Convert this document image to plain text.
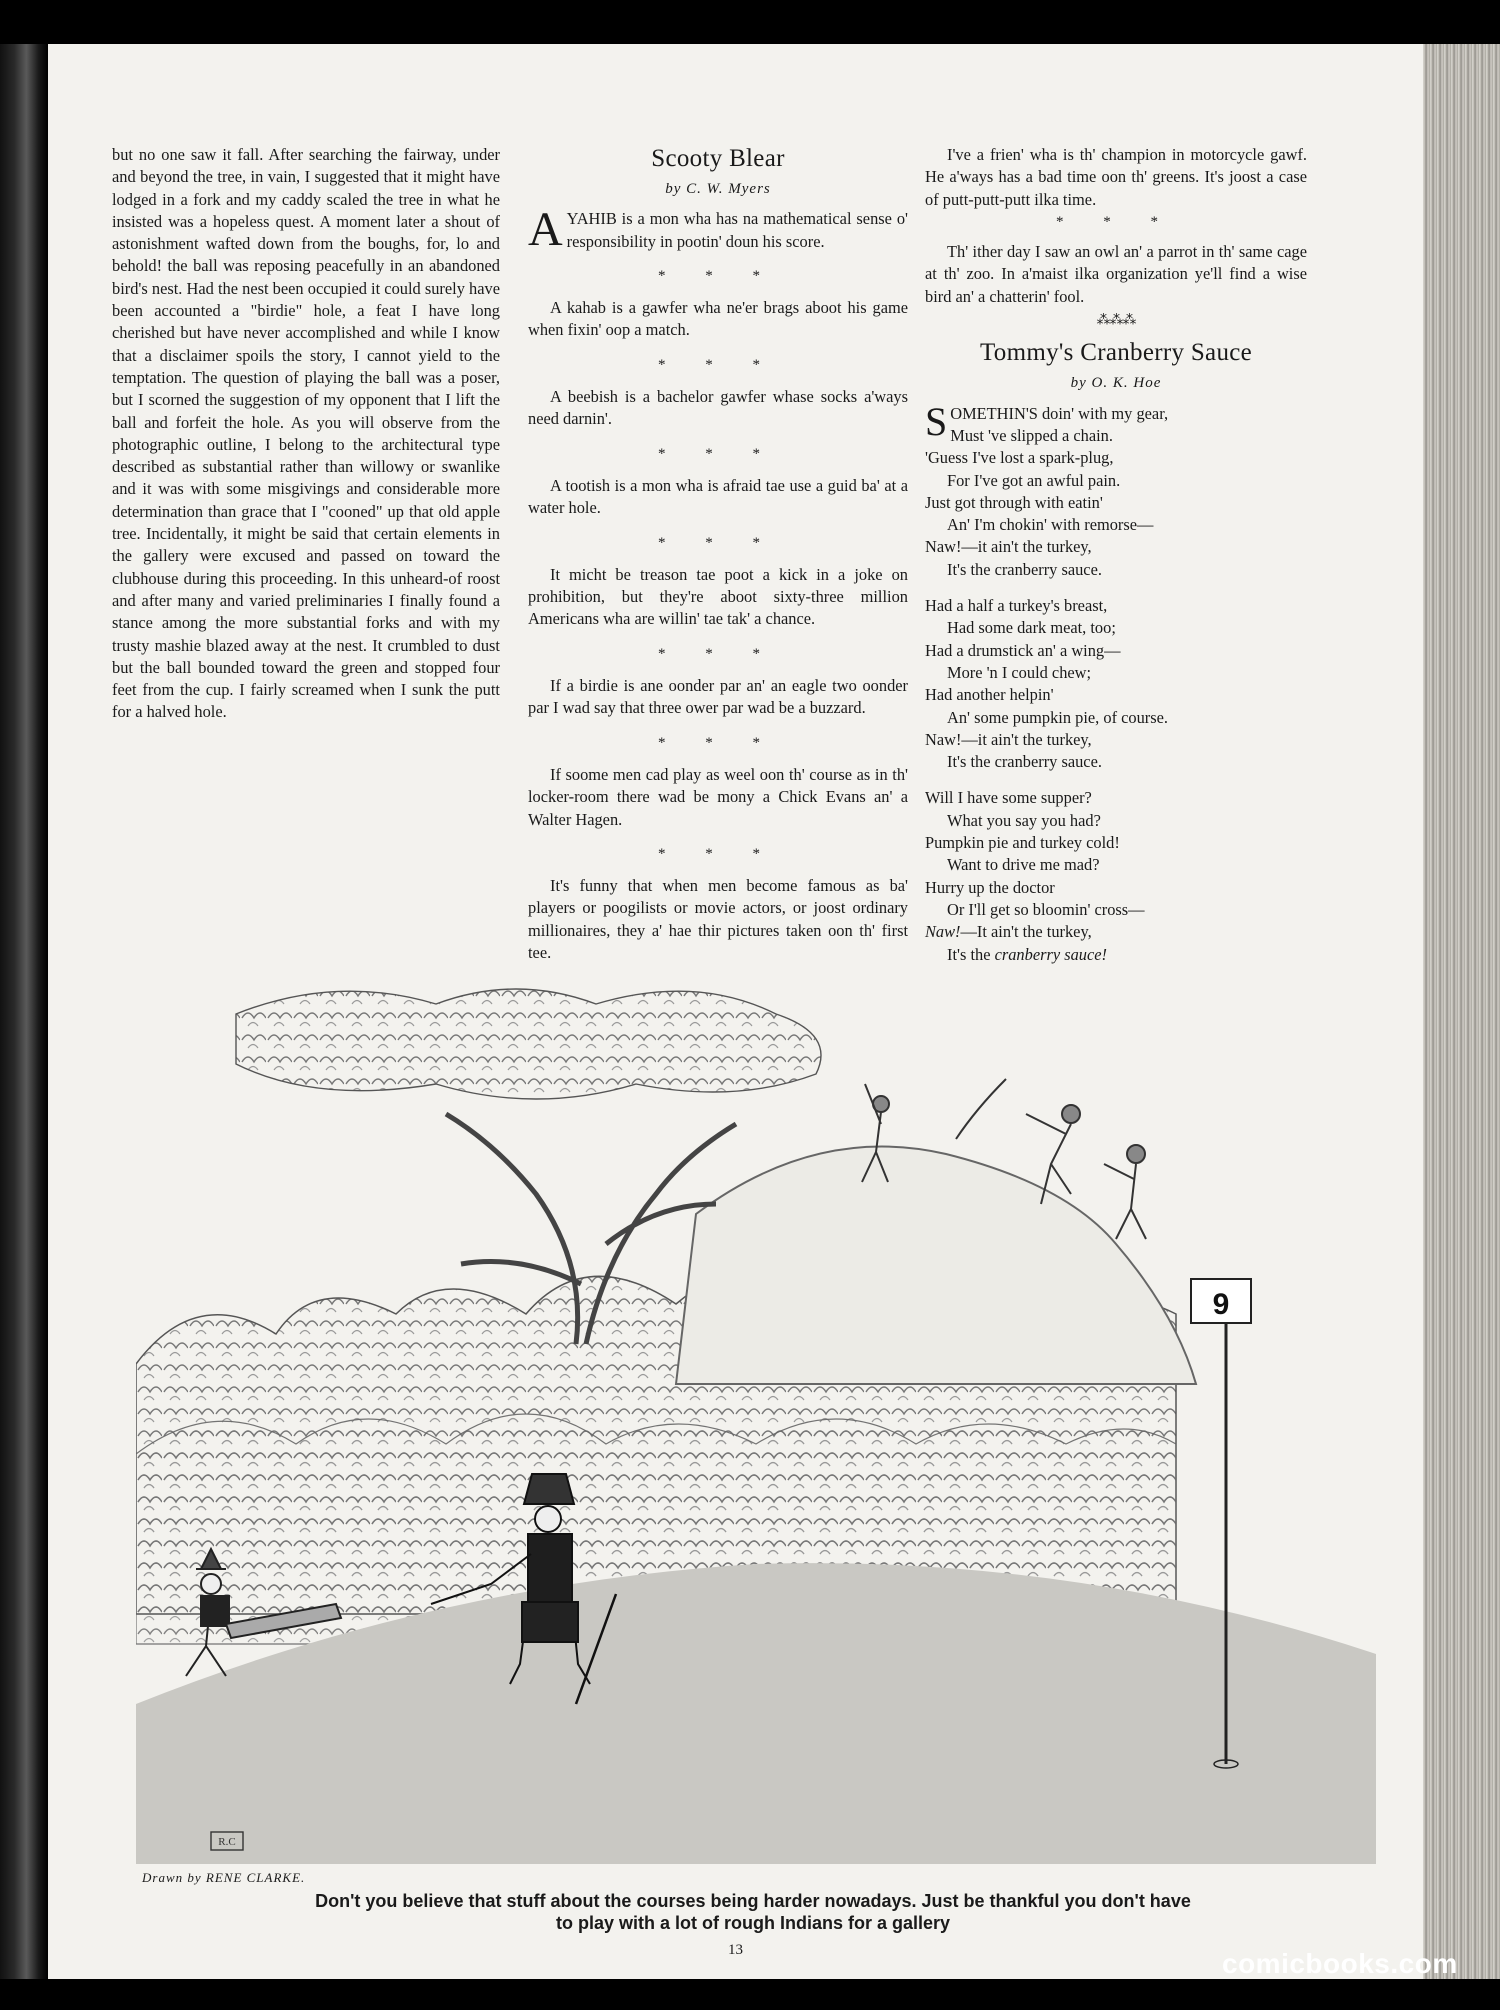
but no one saw it fall. After searching the fairway, under and beyond the tree, in vain, I suggested that it might have lodged in a fork and my caddy scaled the tree in what he insisted was a hopeless quest. A moment later a shout of astonishment wafted down from the boughs, for, lo and behold! the ball was reposing peacefully in an abandoned bird's nest. Had the nest been occupied it could surely have been accounted a "birdie" hole, a feat I have long cherished but have never accomplished and while I know that a disclaimer spoils the story, I cannot yield to the temptation. The question of playing the ball was a poser, but I scorned the suggestion of my opponent that I lift the ball and forfeit the hole. As you will observe from the photographic outline, I belong to the architectural type described as substantial rather than willowy or swanlike and it was with some misgivings and considerable more determination than grace that I "cooned" up that old apple tree. Incidentally, it might be said that certain elements in the gallery were excused and passed on toward the clubhouse during this proceeding. In this unheard-of roost and after many and varied preliminaries I finally found a stance among the more substantial forks and with my trusty mashie blazed away at the nest. It crumbled to dust but the ball bounded toward the green and stopped four feet from the cup. I fairly screamed when I sunk the putt for a halved hole.

Scooty Blear
by C. W. Myers

AYAHIB is a mon wha has na mathematical sense o' responsibility in pootin' doun his score.

* * *

A kahab is a gawfer wha ne'er brags aboot his game when fixin' oop a match.

* * *

A beebish is a bachelor gawfer whase socks a'ways need darnin'.

* * *

A tootish is a mon wha is afraid tae use a guid ba' at a water hole.

* * *

It micht be treason tae poot a kick in a joke on prohibition, but they're aboot sixty-three million Americans wha are willin' tae tak' a chance.

* * *

If a birdie is ane oonder par an' an eagle two oonder par I wad say that three ower par wad be a buzzard.

* * *

If soome men cad play as weel oon th' course as in th' locker-room there wad be mony a Chick Evans an' a Walter Hagen.

* * *

It's funny that when men become famous as ba' players or poogilists or movie actors, or joost ordinary millionaires, they a' hae thir pictures taken oon th' first tee.

I've a frien' wha is th' champion in motorcycle gawf. He a'ways has a bad time oon th' greens. It's joost a case of putt-putt-putt ilka time.

* * *

Th' ither day I saw an owl an' a parrot in th' same cage at th' zoo. In a'maist ilka organization ye'll find a wise bird an' a chatterin' fool.

⁂⁂⁂
Tommy's Cranberry Sauce
by O. K. Hoe
S OMETHIN'S doin' with my gear,
Must 've slipped a chain.
'Guess I've lost a spark-plug,
For I've got an awful pain.
Just got through with eatin'
An' I'm chokin' with remorse—
Naw!—it ain't the turkey,
It's the cranberry sauce.
Had a half a turkey's breast,
Had some dark meat, too;
Had a drumstick an' a wing—
More 'n I could chew;
Had another helpin'
An' some pumpkin pie, of course.
Naw!—it ain't the turkey,
It's the cranberry sauce.
Will I have some supper?
What you say you had?
Pumpkin pie and turkey cold!
Want to drive me mad?
Hurry up the doctor
Or I'll get so bloomin' cross—
Naw!—It ain't the turkey,
It's the cranberry sauce!
9
R.C
Drawn by RENE CLARKE.
Don't you believe that stuff about the courses being harder nowadays. Just be thankful you don't have
to play with a lot of rough Indians for a gallery
13	comicbooks.com
